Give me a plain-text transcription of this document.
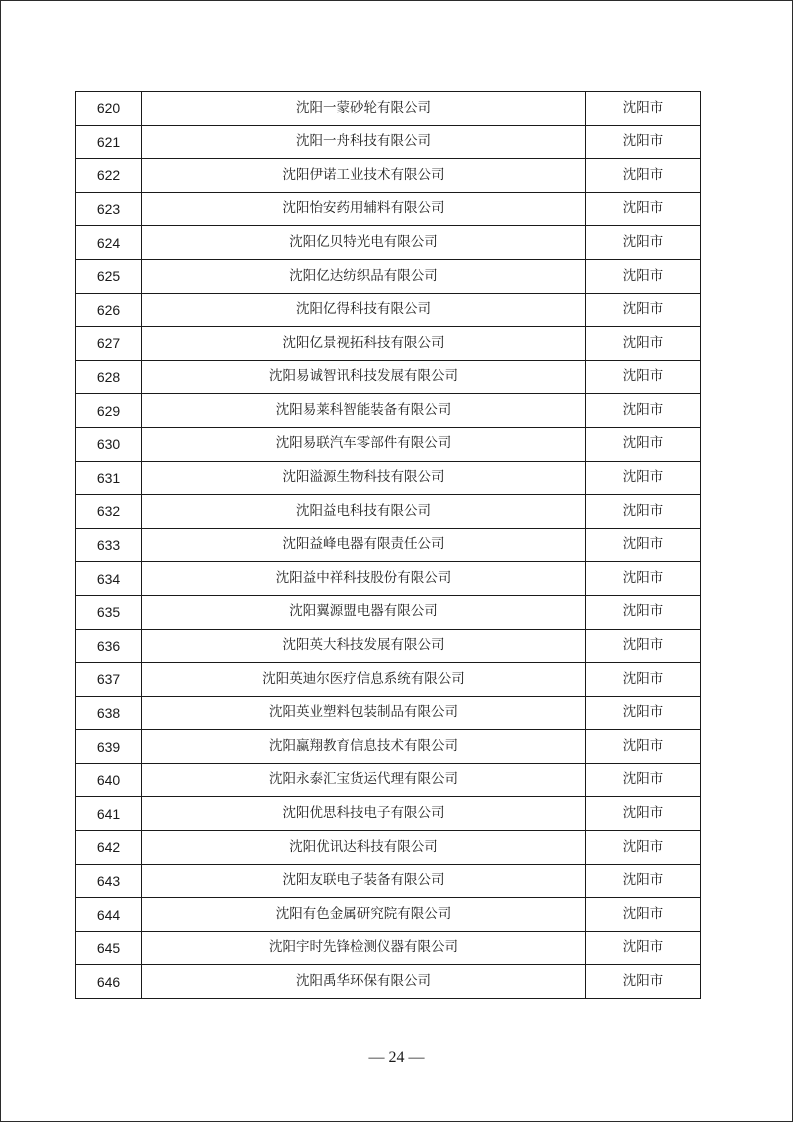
620	沈阳一蒙砂轮有限公司	沈阳市
621	沈阳一舟科技有限公司	沈阳市
622	沈阳伊诺工业技术有限公司	沈阳市
623	沈阳怡安药用辅料有限公司	沈阳市
624	沈阳亿贝特光电有限公司	沈阳市
625	沈阳亿达纺织品有限公司	沈阳市
626	沈阳亿得科技有限公司	沈阳市
627	沈阳亿景视拓科技有限公司	沈阳市
628	沈阳易诚智讯科技发展有限公司	沈阳市
629	沈阳易莱科智能装备有限公司	沈阳市
630	沈阳易联汽车零部件有限公司	沈阳市
631	沈阳溢源生物科技有限公司	沈阳市
632	沈阳益电科技有限公司	沈阳市
633	沈阳益峰电器有限责任公司	沈阳市
634	沈阳益中祥科技股份有限公司	沈阳市
635	沈阳翼源盟电器有限公司	沈阳市
636	沈阳英大科技发展有限公司	沈阳市
637	沈阳英迪尔医疗信息系统有限公司	沈阳市
638	沈阳英业塑料包装制品有限公司	沈阳市
639	沈阳赢翔教育信息技术有限公司	沈阳市
640	沈阳永泰汇宝货运代理有限公司	沈阳市
641	沈阳优思科技电子有限公司	沈阳市
642	沈阳优讯达科技有限公司	沈阳市
643	沈阳友联电子装备有限公司	沈阳市
644	沈阳有色金属研究院有限公司	沈阳市
645	沈阳宇时先锋检测仪器有限公司	沈阳市
646	沈阳禹华环保有限公司	沈阳市
— 24 —
